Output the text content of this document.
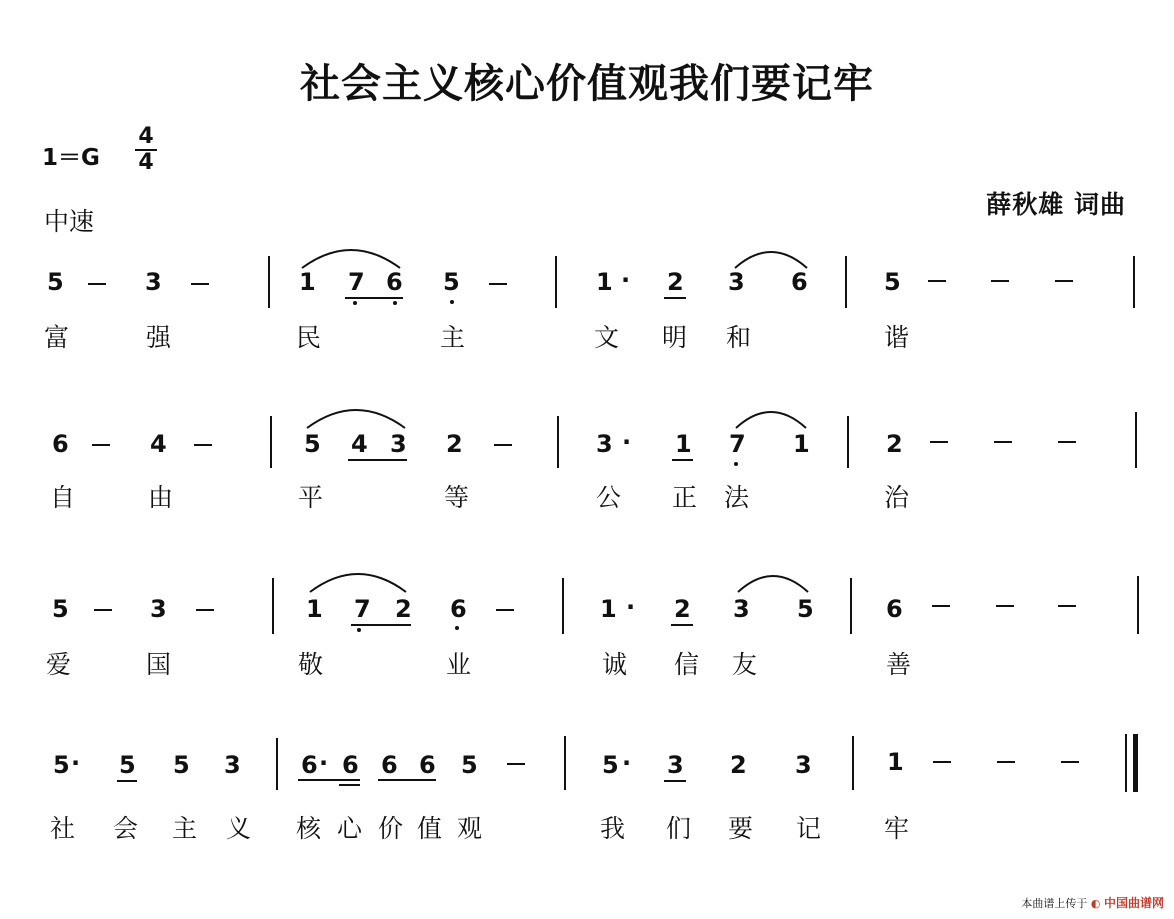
社会主义核心价值观我们要记牢
1＝G
4
4
中速
薛秋雄 词曲
5	3	1 7 6 5	1 · 2 3 6	5
富	强	民	主	文 明 和	谐
6	4	5 4 3 2	3 · 1 7 1	2
自	由	平	等	公 正 法	治
5	3	1 7 2 6	1 · 2 3 5	6
爱	国	敬	业	诚 信 友	善
5 · 5 5 3	6 · 6 6 6 5	5 · 3 2 3	1
社 会 主 义 核 心 价 值 观	我 们 要 记	牢
本曲谱上传于 ◐ 中国曲谱网
